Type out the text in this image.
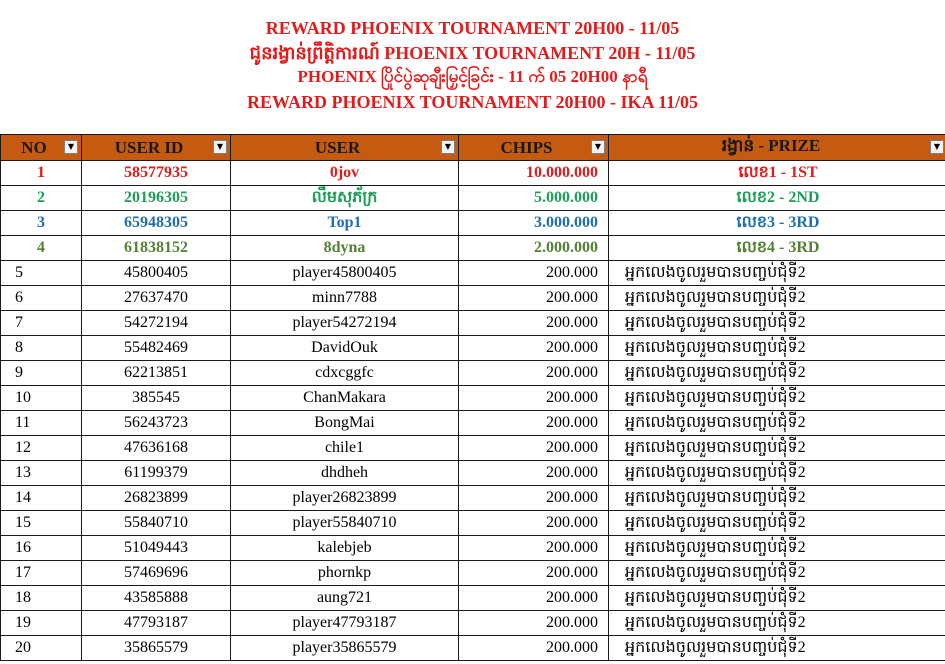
REWARD PHOENIX TOURNAMENT 20H00 - 11/05
ជូនរង្វាន់ព្រឹត្តិការណ៍ PHOENIX TOURNAMENT 20H - 11/05
PHOENIX ပြိုင်ပွဲဆုချီးမြှင့်ခြင်း - 11 က် 05 20H00 နာရီ
REWARD PHOENIX TOURNAMENT 20H00 - IKA 11/05
NO ▼	USER ID ▼	USER ▼	CHIPS ▼	រង្វាន់ - PRIZE ▼

1	58577935	0jov	10.000.000	លេខ1 - 1ST
2	20196305	លឹមសុភ័ក្រ	5.000.000	លេខ2 - 2ND
3	65948305	Top1	3.000.000	លេខ3 - 3RD
4	61838152	8dyna	2.000.000	លេខ4 - 3RD
5	45800405	player45800405	200.000	អ្នកលេងចូលរួមបានបញ្ចប់ជុំទី2
6	27637470	minn7788	200.000	អ្នកលេងចូលរួមបានបញ្ចប់ជុំទី2
7	54272194	player54272194	200.000	អ្នកលេងចូលរួមបានបញ្ចប់ជុំទី2
8	55482469	DavidOuk	200.000	អ្នកលេងចូលរួមបានបញ្ចប់ជុំទី2
9	62213851	cdxcggfc	200.000	អ្នកលេងចូលរួមបានបញ្ចប់ជុំទី2
10	385545	ChanMakara	200.000	អ្នកលេងចូលរួមបានបញ្ចប់ជុំទី2
11	56243723	BongMai	200.000	អ្នកលេងចូលរួមបានបញ្ចប់ជុំទី2
12	47636168	chile1	200.000	អ្នកលេងចូលរួមបានបញ្ចប់ជុំទី2
13	61199379	dhdheh	200.000	អ្នកលេងចូលរួមបានបញ្ចប់ជុំទី2
14	26823899	player26823899	200.000	អ្នកលេងចូលរួមបានបញ្ចប់ជុំទី2
15	55840710	player55840710	200.000	អ្នកលេងចូលរួមបានបញ្ចប់ជុំទី2
16	51049443	kalebjeb	200.000	អ្នកលេងចូលរួមបានបញ្ចប់ជុំទី2
17	57469696	phornkp	200.000	អ្នកលេងចូលរួមបានបញ្ចប់ជុំទី2
18	43585888	aung721	200.000	អ្នកលេងចូលរួមបានបញ្ចប់ជុំទី2
19	47793187	player47793187	200.000	អ្នកលេងចូលរួមបានបញ្ចប់ជុំទី2
20	35865579	player35865579	200.000	អ្នកលេងចូលរួមបានបញ្ចប់ជុំទី2
